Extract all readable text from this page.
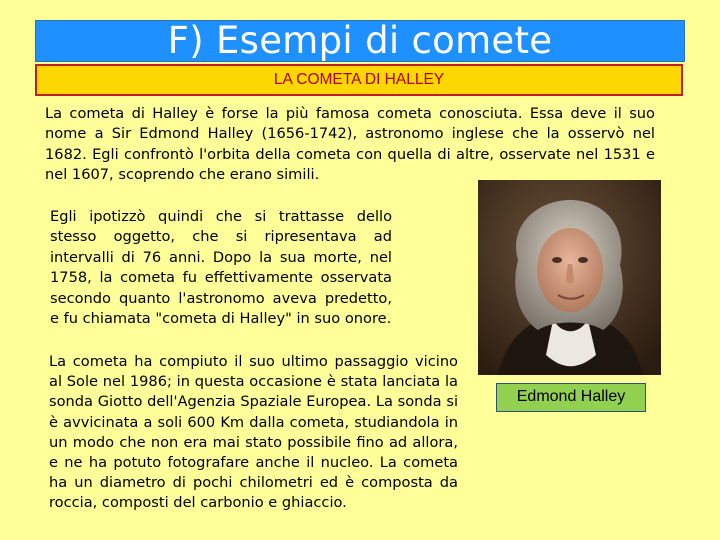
F) Esempi di comete
LA COMETA DI HALLEY

La cometa di Halley è forse la più famosa cometa conosciuta. Essa deve il suo nome a Sir Edmond Halley (1656-1742), astronomo inglese che la osservò nel 1682. Egli confrontò l'orbita della cometa con quella di altre, osservate nel 1531 e nel 1607, scoprendo che erano simili.

Egli ipotizzò quindi che si trattasse dello stesso oggetto, che si ripresentava ad intervalli di 76 anni. Dopo la sua morte, nel 1758, la cometa fu effettivamente osservata secondo quanto l'astronomo aveva predetto, e fu chiamata "cometa di Halley" in suo onore.

La cometa ha compiuto il suo ultimo passaggio vicino al Sole nel 1986; in questa occasione è stata lanciata la sonda Giotto dell'Agenzia Spaziale Europea. La sonda si è avvicinata a soli 600 Km dalla cometa, studiandola in un modo che non era mai stato possibile fino ad allora, e ne ha potuto fotografare anche il nucleo. La cometa ha un diametro di pochi chilometri ed è composta da roccia, composti del carbonio e ghiaccio.

Edmond Halley
